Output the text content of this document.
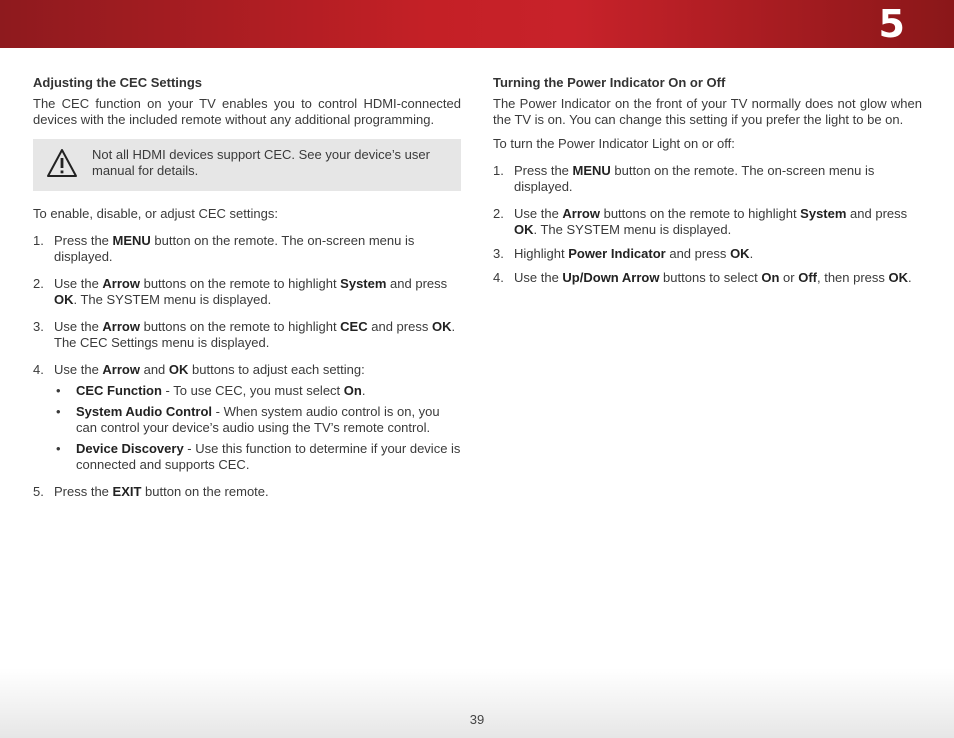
5
Adjusting the CEC Settings

The CEC function on your TV enables you to control HDMI-connected devices with the included remote without any additional programming.

Not all HDMI devices support CEC. See your device’s user manual for details.

To enable, disable, or adjust CEC settings:

1. Press the MENU button on the remote. The on-screen menu is displayed.
2. Use the Arrow buttons on the remote to highlight System and press OK. The SYSTEM menu is displayed.
3. Use the Arrow buttons on the remote to highlight CEC and press OK. The CEC Settings menu is displayed.
4. Use the Arrow and OK buttons to adjust each setting:
• CEC Function - To use CEC, you must select On.
• System Audio Control - When system audio control is on, you can control your device’s audio using the TV’s remote control.
• Device Discovery - Use this function to determine if your device is connected and supports CEC.
5. Press the EXIT button on the remote.
Turning the Power Indicator On or Off

The Power Indicator on the front of your TV normally does not glow when the TV is on. You can change this setting if you prefer the light to be on.

To turn the Power Indicator Light on or off:

1. Press the MENU button on the remote. The on-screen menu is displayed.
2. Use the Arrow buttons on the remote to highlight System and press OK. The SYSTEM menu is displayed.
3. Highlight Power Indicator and press OK.
4. Use the Up/Down Arrow buttons to select On or Off, then press OK.
39
